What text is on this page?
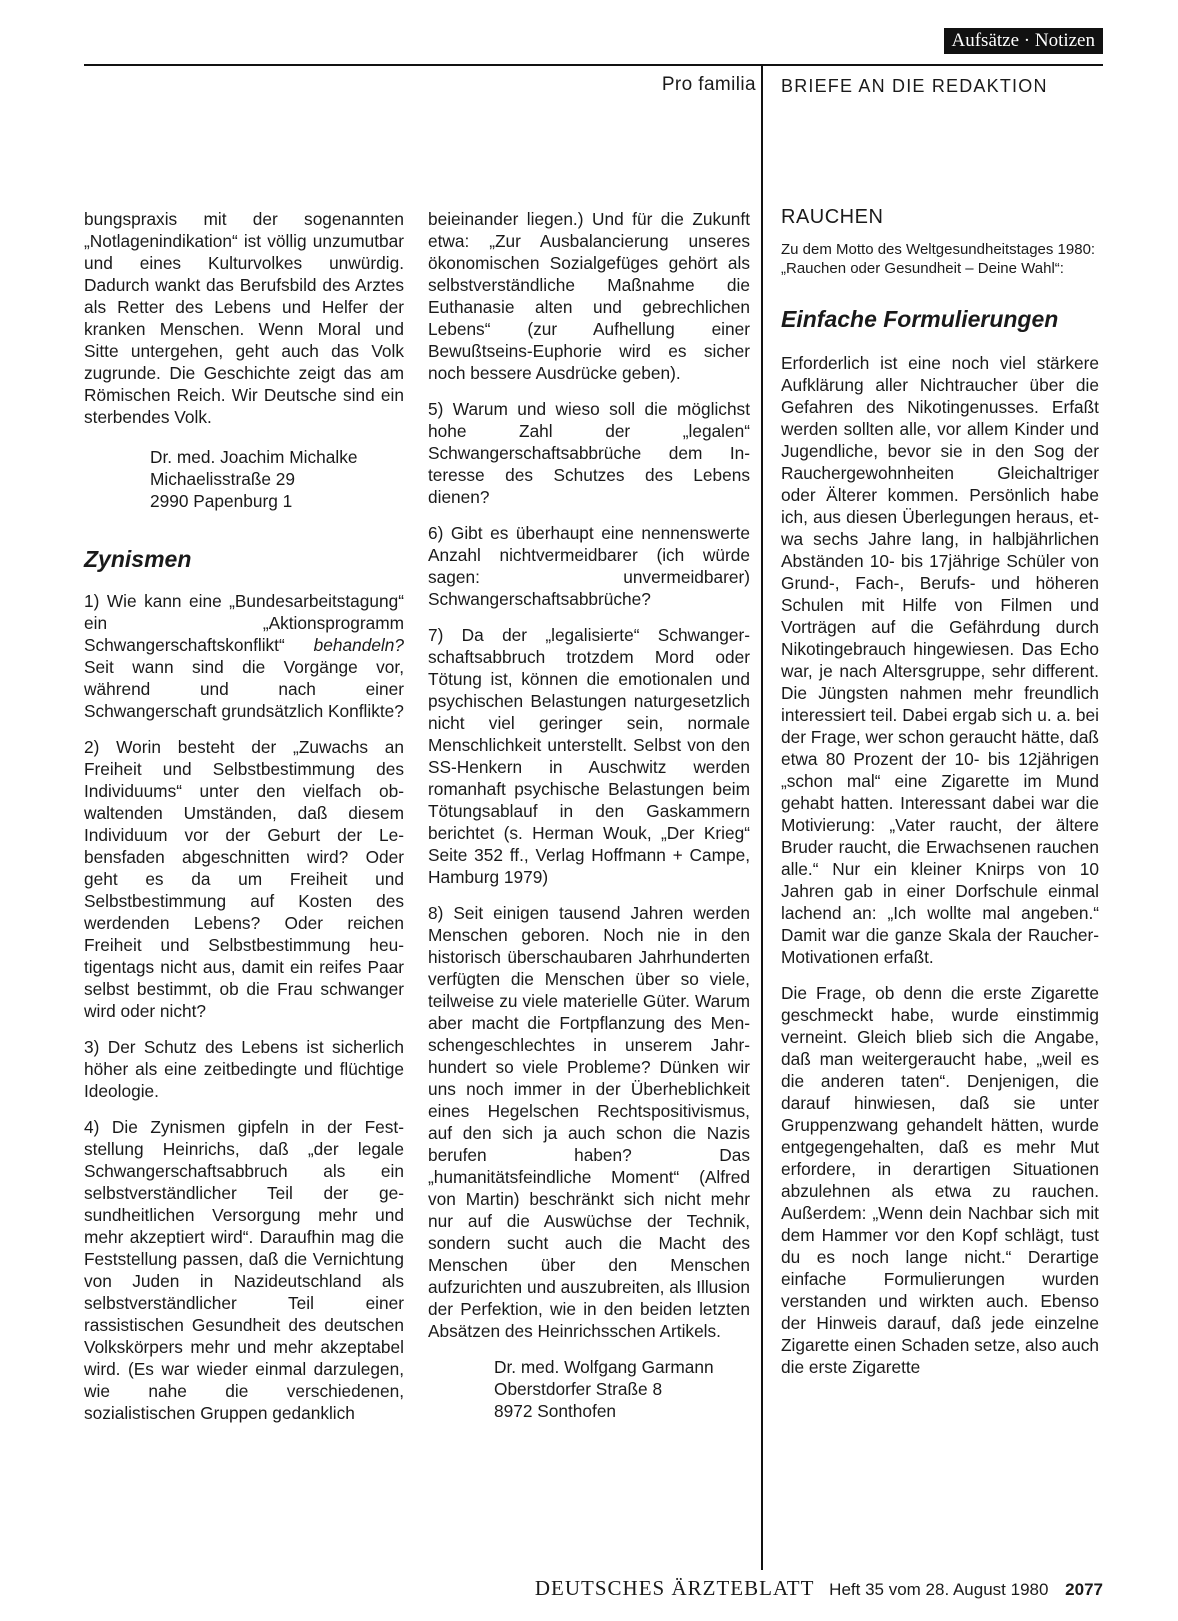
Aufsätze · Notizen
Pro familia BRIEFE AN DIE REDAKTION

bungspraxis mit der sogenannten „Notlagenindikation“ ist völlig unzumutbar und eines Kulturvolkes unwürdig. Dadurch wankt das Berufsbild des Arztes als Retter des Lebens und Helfer der kranken Menschen. Wenn Moral und Sitte untergehen, geht auch das Volk zugrunde. Die Geschichte zeigt das am Römischen Reich. Wir Deutsche sind ein sterbendes Volk.

Dr. med. Joachim Michalke
Michaelisstraße 29
2990 Papenburg 1

Zynismen

1) Wie kann eine „Bundesarbeitstagung“ ein „Aktionsprogramm Schwangerschaftskonflikt“ behandeln? Seit wann sind die Vorgänge vor, während und nach einer Schwangerschaft grundsätzlich Konflikte?

2) Worin besteht der „Zuwachs an Freiheit und Selbstbestimmung des Individuums“ unter den vielfach obwaltenden Umständen, daß diesem Individuum vor der Geburt der Lebensfaden abgeschnitten wird? Oder geht es da um Freiheit und Selbstbestimmung auf Kosten des werdenden Lebens? Oder reichen Freiheit und Selbstbestimmung heutigentags nicht aus, damit ein reifes Paar selbst bestimmt, ob die Frau schwanger wird oder nicht?

3) Der Schutz des Lebens ist sicherlich höher als eine zeitbedingte und flüchtige Ideologie.

4) Die Zynismen gipfeln in der Feststellung Heinrichs, daß „der legale Schwangerschaftsabbruch als ein selbstverständlicher Teil der gesundheitlichen Versorgung mehr und mehr akzeptiert wird“. Daraufhin mag die Feststellung passen, daß die Vernichtung von Juden in Nazideutschland als selbstverständlicher Teil einer rassistischen Gesundheit des deutschen Volkskörpers mehr und mehr akzeptabel wird. (Es war wieder einmal darzulegen, wie nahe die verschiedenen, sozialistischen Gruppen gedanklich

beieinander liegen.) Und für die Zukunft etwa: „Zur Ausbalancierung unseres ökonomischen Sozialgefüges gehört als selbstverständliche Maßnahme die Euthanasie alten und gebrechlichen Lebens“ (zur Aufhellung einer Bewußtseins-Euphorie wird es sicher noch bessere Ausdrücke geben).

5) Warum und wieso soll die möglichst hohe Zahl der „legalen“ Schwangerschaftsabbrüche dem Interesse des Schutzes des Lebens dienen?

6) Gibt es überhaupt eine nennenswerte Anzahl nichtvermeidbarer (ich würde sagen: unvermeidbarer) Schwangerschaftsabbrüche?

7) Da der „legalisierte“ Schwangerschaftsabbruch trotzdem Mord oder Tötung ist, können die emotionalen und psychischen Belastungen naturgesetzlich nicht viel geringer sein, normale Menschlichkeit unterstellt. Selbst von den SS-Henkern in Auschwitz werden romanhaft psychische Belastungen beim Tötungsablauf in den Gaskammern berichtet (s. Herman Wouk, „Der Krieg“ Seite 352 ff., Verlag Hoffmann + Campe, Hamburg 1979)

8) Seit einigen tausend Jahren werden Menschen geboren. Noch nie in den historisch überschaubaren Jahrhunderten verfügten die Menschen über so viele, teilweise zu viele materielle Güter. Warum aber macht die Fortpflanzung des Menschengeschlechtes in unserem Jahrhundert so viele Probleme? Dünken wir uns noch immer in der Überheblichkeit eines Hegelschen Rechtspositivismus, auf den sich ja auch schon die Nazis berufen haben? Das „humanitätsfeindliche Moment“ (Alfred von Martin) beschränkt sich nicht mehr nur auf die Auswüchse der Technik, sondern sucht auch die Macht des Menschen über den Menschen aufzurichten und auszubreiten, als Illusion der Perfektion, wie in den beiden letzten Absätzen des Heinrichsschen Artikels.

Dr. med. Wolfgang Garmann
Oberstdorfer Straße 8
8972 Sonthofen

RAUCHEN

Zu dem Motto des Weltgesundheitstages 1980: „Rauchen oder Gesundheit – Deine Wahl“:

Einfache Formulierungen

Erforderlich ist eine noch viel stärkere Aufklärung aller Nichtraucher über die Gefahren des Nikotingenusses. Erfaßt werden sollten alle, vor allem Kinder und Jugendliche, bevor sie in den Sog der Rauchergewohnheiten Gleichaltriger oder Älterer kommen. Persönlich habe ich, aus diesen Überlegungen heraus, etwa sechs Jahre lang, in halbjährlichen Abständen 10- bis 17jährige Schüler von Grund-, Fach-, Berufs- und höheren Schulen mit Hilfe von Filmen und Vorträgen auf die Gefährdung durch Nikotingebrauch hingewiesen. Das Echo war, je nach Altersgruppe, sehr different. Die Jüngsten nahmen mehr freundlich interessiert teil. Dabei ergab sich u. a. bei der Frage, wer schon geraucht hätte, daß etwa 80 Prozent der 10- bis 12jährigen „schon mal“ eine Zigarette im Mund gehabt hatten. Interessant dabei war die Motivierung: „Vater raucht, der ältere Bruder raucht, die Erwachsenen rauchen alle.“ Nur ein kleiner Knirps von 10 Jahren gab in einer Dorfschule einmal lachend an: „Ich wollte mal angeben.“ Damit war die ganze Skala der Raucher-Motivationen erfaßt.

Die Frage, ob denn die erste Zigarette geschmeckt habe, wurde einstimmig verneint. Gleich blieb sich die Angabe, daß man weitergeraucht habe, „weil es die anderen taten“. Denjenigen, die darauf hinwiesen, daß sie unter Gruppenzwang gehandelt hätten, wurde entgegengehalten, daß es mehr Mut erfordere, in derartigen Situationen abzulehnen als etwa zu rauchen. Außerdem: „Wenn dein Nachbar sich mit dem Hammer vor den Kopf schlägt, tust du es noch lange nicht.“ Derartige einfache Formulierungen wurden verstanden und wirkten auch. Ebenso der Hinweis darauf, daß jede einzelne Zigarette einen Schaden setze, also auch die erste Zigarette

DEUTSCHES ÄRZTEBLATT Heft 35 vom 28. August 1980 2077
